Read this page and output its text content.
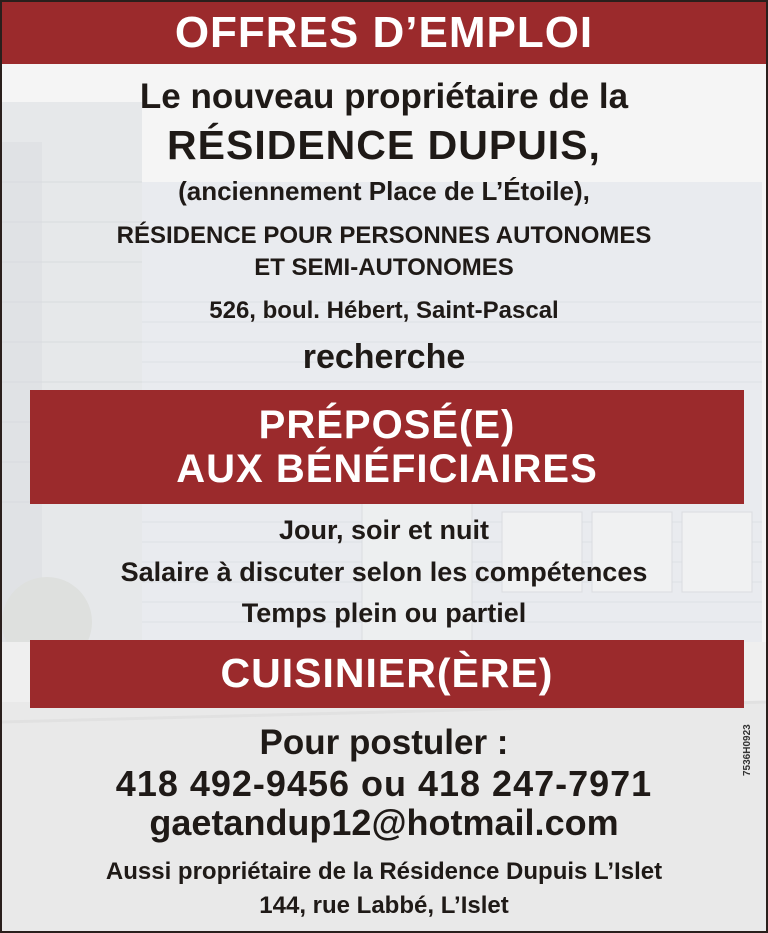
OFFRES D’EMPLOI
Le nouveau propriétaire de la
RÉSIDENCE DUPUIS,
(anciennement Place de L’Étoile),
RÉSIDENCE POUR PERSONNES AUTONOMES
ET SEMI-AUTONOMES
526, boul. Hébert, Saint-Pascal
recherche
PRÉPOSÉ(E)
AUX BÉNÉFICIAIRES
Jour, soir et nuit
Salaire à discuter selon les compétences
Temps plein ou partiel
CUISINIER(ÈRE)
Pour postuler :
418 492-9456 ou 418 247-7971
gaetandup12@hotmail.com
Aussi propriétaire de la Résidence Dupuis L’Islet
144, rue Labbé, L’Islet
7536H0923
